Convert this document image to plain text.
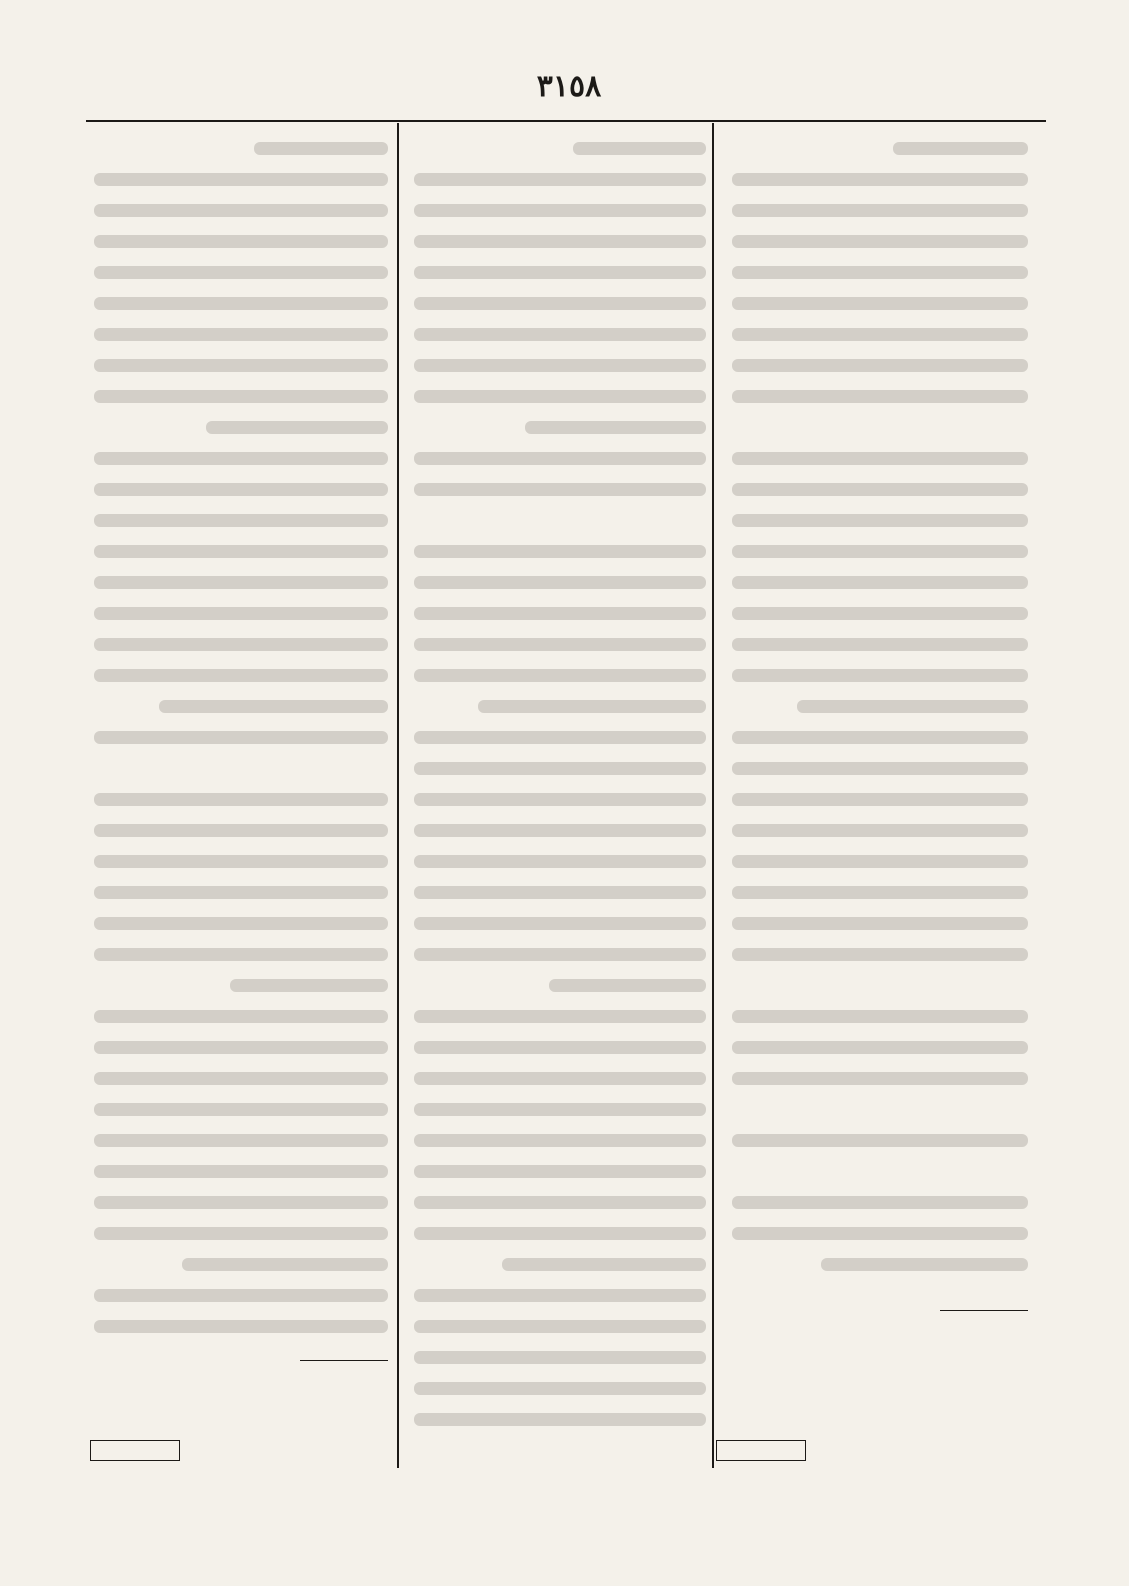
٣١٥٨
